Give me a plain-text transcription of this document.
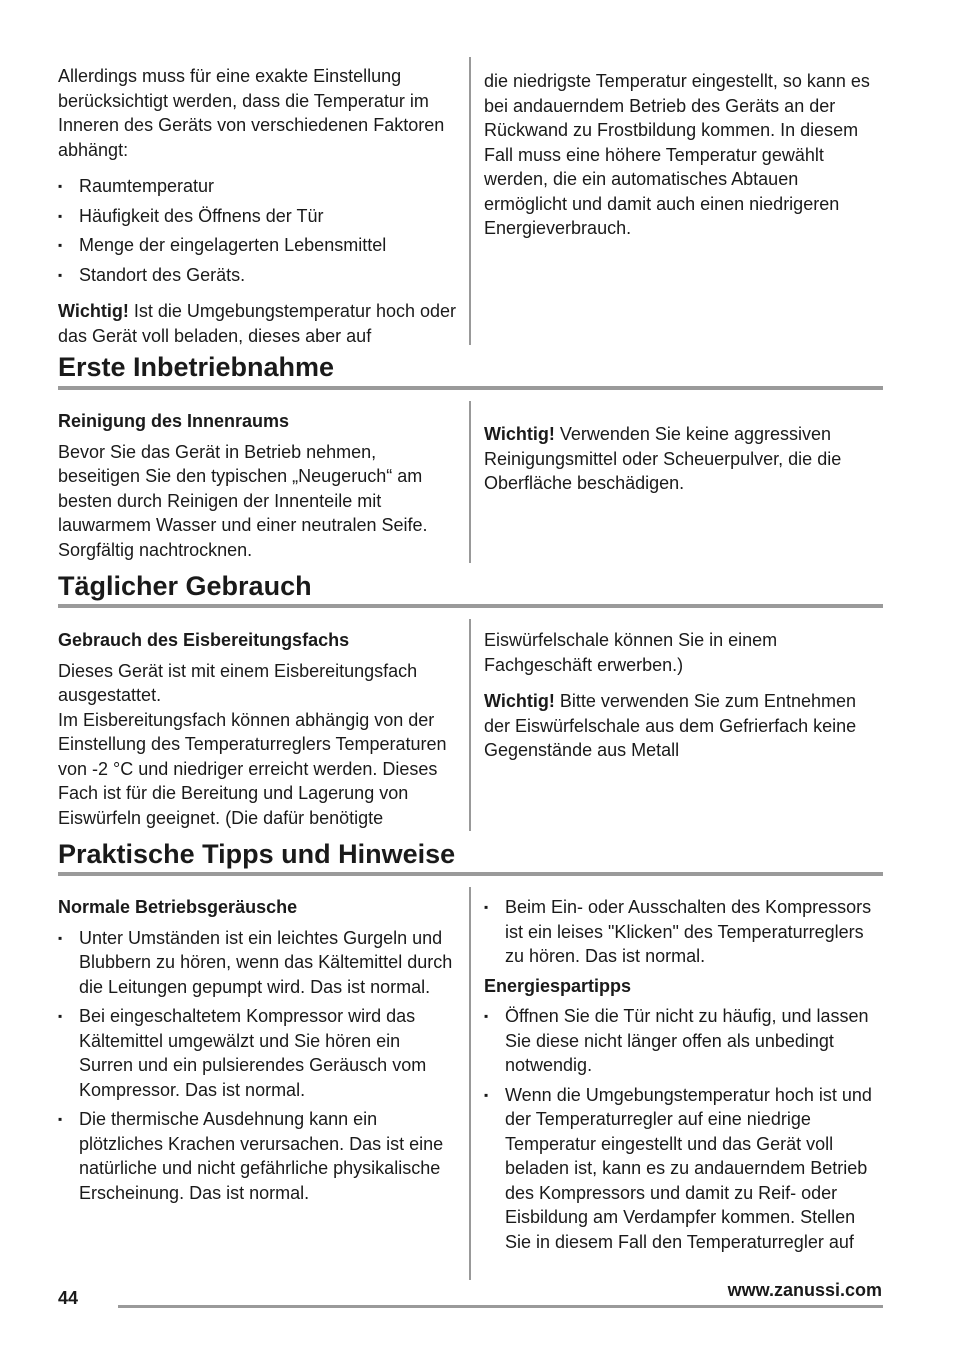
Allerdings muss für eine exakte Einstellung berücksichtigt werden, dass die Temperatur im Inneren des Geräts von verschiedenen Faktoren abhängt:

▪ Raumtemperatur
▪ Häufigkeit des Öffnens der Tür
▪ Menge der eingelagerten Lebensmittel
▪ Standort des Geräts.

Wichtig! Ist die Umgebungstemperatur hoch oder das Gerät voll beladen, dieses aber auf

die niedrigste Temperatur eingestellt, so kann es bei andauerndem Betrieb des Geräts an der Rückwand zu Frostbildung kommen. In diesem Fall muss eine höhere Temperatur gewählt werden, die ein automatisches Abtauen ermöglicht und damit auch einen niedrigeren Energieverbrauch.

Erste Inbetriebnahme

Reinigung des Innenraums

Bevor Sie das Gerät in Betrieb nehmen, beseitigen Sie den typischen „Neugeruch“ am besten durch Reinigen der Innenteile mit lauwarmem Wasser und einer neutralen Seife. Sorgfältig nachtrocknen.

Wichtig! Verwenden Sie keine aggressiven Reinigungsmittel oder Scheuerpulver, die die Oberfläche beschädigen.

Täglicher Gebrauch

Gebrauch des Eisbereitungsfachs

Dieses Gerät ist mit einem Eisbereitungsfach ausgestattet.

Im Eisbereitungsfach können abhängig von der Einstellung des Temperaturreglers Temperaturen von -2 °C und niedriger erreicht werden. Dieses Fach ist für die Bereitung und Lagerung von Eiswürfeln geeignet. (Die dafür benötigte

Eiswürfelschale können Sie in einem Fachgeschäft erwerben.)

Wichtig! Bitte verwenden Sie zum Entnehmen der Eiswürfelschale aus dem Gefrierfach keine Gegenstände aus Metall

Praktische Tipps und Hinweise

Normale Betriebsgeräusche

▪ Unter Umständen ist ein leichtes Gurgeln und Blubbern zu hören, wenn das Kältemittel durch die Leitungen gepumpt wird. Das ist normal.
▪ Bei eingeschaltetem Kompressor wird das Kältemittel umgewälzt und Sie hören ein Surren und ein pulsierendes Geräusch vom Kompressor. Das ist normal.
▪ Die thermische Ausdehnung kann ein plötzliches Krachen verursachen. Das ist eine natürliche und nicht gefährliche physikalische Erscheinung. Das ist normal.
▪ Beim Ein- oder Ausschalten des Kompressors ist ein leises "Klicken" des Temperaturreglers zu hören. Das ist normal.

Energiespartipps

▪ Öffnen Sie die Tür nicht zu häufig, und lassen Sie diese nicht länger offen als unbedingt notwendig.
▪ Wenn die Umgebungstemperatur hoch ist und der Temperaturregler auf eine niedrige Temperatur eingestellt und das Gerät voll beladen ist, kann es zu andauerndem Betrieb des Kompressors und damit zu Reif- oder Eisbildung am Verdampfer kommen. Stellen Sie in diesem Fall den Temperaturregler auf
44	www.zanussi.com
